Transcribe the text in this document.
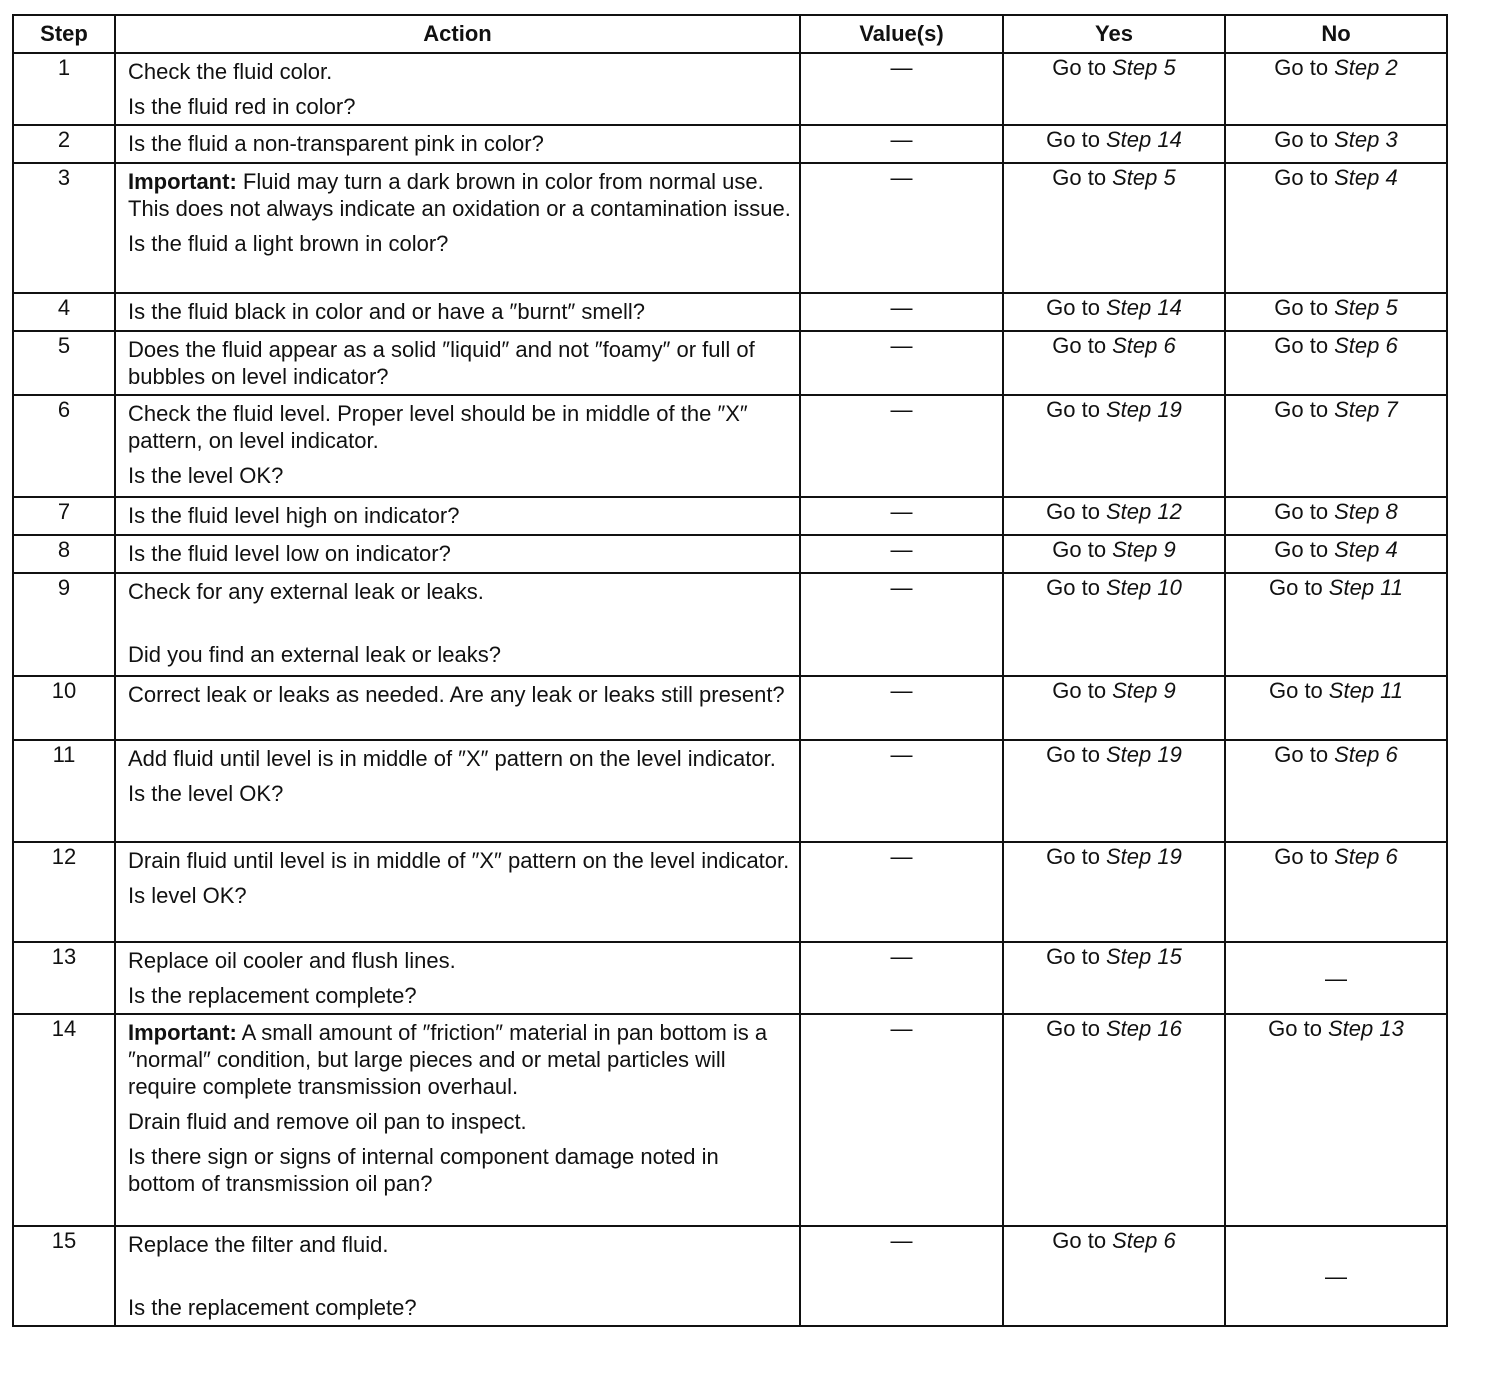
Step	Action	Value(s)	Yes	No
1	Check the fluid color.

Is the fluid red in color?	—	Go to Step 5	Go to Step 2
2	Is the fluid a non-transparent pink in color?	—	Go to Step 14	Go to Step 3
3	Important: Fluid may turn a dark brown in color from normal use. This does not always indicate an oxidation or a contamination issue.

Is the fluid a light brown in color?	—	Go to Step 5	Go to Step 4
4	Is the fluid black in color and or have a ″burnt″ smell?	—	Go to Step 14	Go to Step 5
5	Does the fluid appear as a solid ″liquid″ and not ″foamy″ or full of bubbles on level indicator?	—	Go to Step 6	Go to Step 6
6	Check the fluid level. Proper level should be in middle of the ″X″ pattern, on level indicator.

Is the level OK?	—	Go to Step 19	Go to Step 7
7	Is the fluid level high on indicator?	—	Go to Step 12	Go to Step 8
8	Is the fluid level low on indicator?	—	Go to Step 9	Go to Step 4
9	Check for any external leak or leaks.

Did you find an external leak or leaks?	—	Go to Step 10	Go to Step 11
10	Correct leak or leaks as needed. Are any leak or leaks still present?	—	Go to Step 9	Go to Step 11
11	Add fluid until level is in middle of ″X″ pattern on the level indicator.

Is the level OK?	—	Go to Step 19	Go to Step 6
12	Drain fluid until level is in middle of ″X″ pattern on the level indicator.

Is level OK?	—	Go to Step 19	Go to Step 6
13	Replace oil cooler and flush lines.

Is the replacement complete?	—	Go to Step 15	—
14	Important: A small amount of ″friction″ material in pan bottom is a ″normal″ condition, but large pieces and or metal particles will require complete transmission overhaul.

Drain fluid and remove oil pan to inspect.

Is there sign or signs of internal component damage noted in bottom of transmission oil pan?	—	Go to Step 16	Go to Step 13
15	Replace the filter and fluid.

Is the replacement complete?	—	Go to Step 6	—
